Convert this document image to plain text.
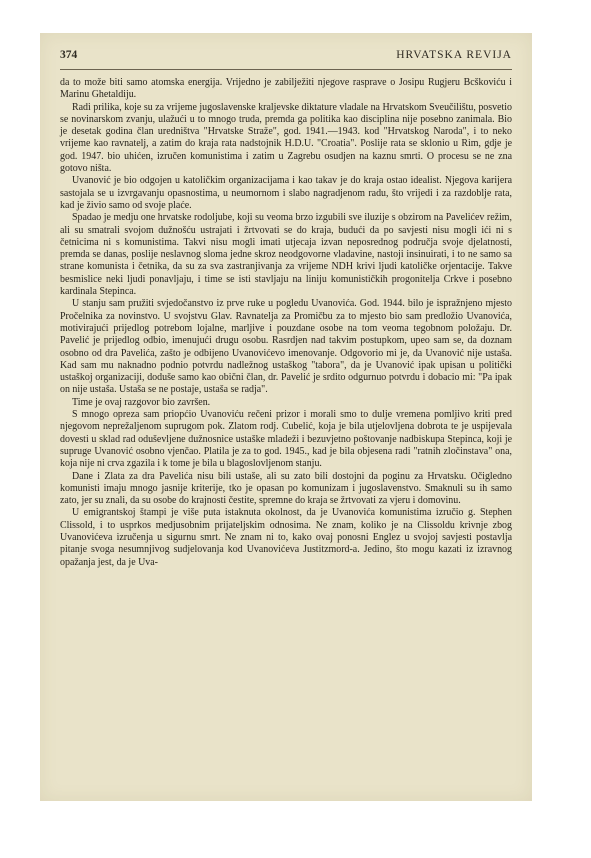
374	HRVATSKA REVIJA

da to može biti samo atomska energija. Vrijedno je zabilježiti njegove rasprave o Josipu Rugjeru Bcškoviću i Marinu Ghetaldiju.

Radi prilika, koje su za vrijeme jugoslavenske kraljevske diktature vladale na Hrvatskom Sveučilištu, posvetio se novinarskom zvanju, ulažući u to mnogo truda, premda ga politika kao disciplina nije posebno zanimala. Bio je desetak godina član uredništva "Hrvatske Straže", god. 1941.—1943. kod "Hrvatskog Naroda", i to neko vrijeme kao ravnatelj, a zatim do kraja rata nadstojnik H.D.U. "Croatia". Poslije rata se sklonio u Rim, gdje je god. 1947. bio uhićen, izručen komunistima i zatim u Zagrebu osudjen na kaznu smrti. O procesu se ne zna gotovo ništa.

Uvanović je bio odgojen u katoličkim organizacijama i kao takav je do kraja ostao idealist. Njegova karijera sastojala se u izvrgavanju opasnostima, u neumornom i slabo nagradjenom radu, što vrijedi i za razdoblje rata, kad je živio samo od svoje plaće.

Spadao je medju one hrvatske rodoljube, koji su veoma brzo izgubili sve iluzije s obzirom na Pavelićev režim, ali su smatrali svojom dužnošću ustrajati i žrtvovati se do kraja, budući da po savjesti nisu mogli ići ni s četnicima ni s komunistima. Takvi nisu mogli imati utjecaja izvan neposrednog područja svoje djelatnosti, premda se danas, poslije neslavnog sloma jedne skroz neodgovorne vladavine, nastoji insinuirati, i to ne samo sa strane komunista i četnika, da su za sva zastranjivanja za vrijeme NDH krivi ljudi katoličke orjentacije. Takve besmislice neki ljudi ponavljaju, i time se isti stavljaju na liniju komunističkih progonitelja Crkve i posebno kardinala Stepinca.

U stanju sam pružiti svjedočanstvo iz prve ruke u pogledu Uvanovića. God. 1944. bilo je ispražnjeno mjesto Pročelnika za novinstvo. U svojstvu Glav. Ravnatelja za Promičbu za to mjesto bio sam predložio Uvanovića, motivirajući prijedlog potrebom lojalne, marljive i pouzdane osobe na tom veoma tegobnom položaju. Dr. Pavelić je prijedlog odbio, imenujući drugu osobu. Rasrdjen nad takvim postupkom, upeo sam se, da doznam osobno od dra Pavelića, zašto je odbijeno Uvanovićevo imenovanje. Odgovorio mi je, da Uvanović nije ustaša. Kad sam mu naknadno podnio potvrdu nadležnog ustaškog "tabora", da je Uvanović ipak upisan u politički ustaškoj organizaciji, doduše samo kao obični član, dr. Pavelić je srdito odgurnuo potvrdu i dobacio mi: "Pa ipak on nije ustaša. Ustaša se ne postaje, ustaša se radja".

Time je ovaj razgovor bio završen.

S mnogo opreza sam priopćio Uvanoviću rečeni prizor i morali smo to dulje vremena pomljivo kriti pred njegovom neprežaljenom suprugom pok. Zlatom rodj. Cubelić, koja je bila utjelovljena dobrota te je uspijevala dovesti u sklad rad oduševljene dužnosnice ustaške mladeži i bezuvjetno poštovanje nadbiskupa Stepinca, koji je supruge Uvanović osobno vjenčao. Platila je za to god. 1945., kad je bila objesena radi "ratnih zločinstava" ona, koja nije ni crva zgazila i k tome je bila u blagoslovljenom stanju.

Dane i Zlata za dra Pavelića nisu bili ustaše, ali su zato bili dostojni da poginu za Hrvatsku. Očigledno komunisti imaju mnogo jasnije kriterije, tko je opasan po komunizam i jugoslavenstvo. Smaknuli su ih samo zato, jer su znali, da su osobe do krajnosti čestite, spremne do kraja se žrtvovati za vjeru i domovinu.

U emigrantskoj štampi je više puta istaknuta okolnost, da je Uvanovića komunistima izručio g. Stephen Clissold, i to usprkos medjusobnim prijateljskim odnosima. Ne znam, koliko je na Clissoldu krivnje zbog Uvanovićeva izručenja u sigurnu smrt. Ne znam ni to, kako ovaj ponosni Englez u svojoj savjesti postavlja pitanje svoga nesumnjivog sudjelovanja kod Uvanovićeva Justitzmord-a. Jedino, što mogu kazati iz izravnog opažanja jest, da je Uva-
